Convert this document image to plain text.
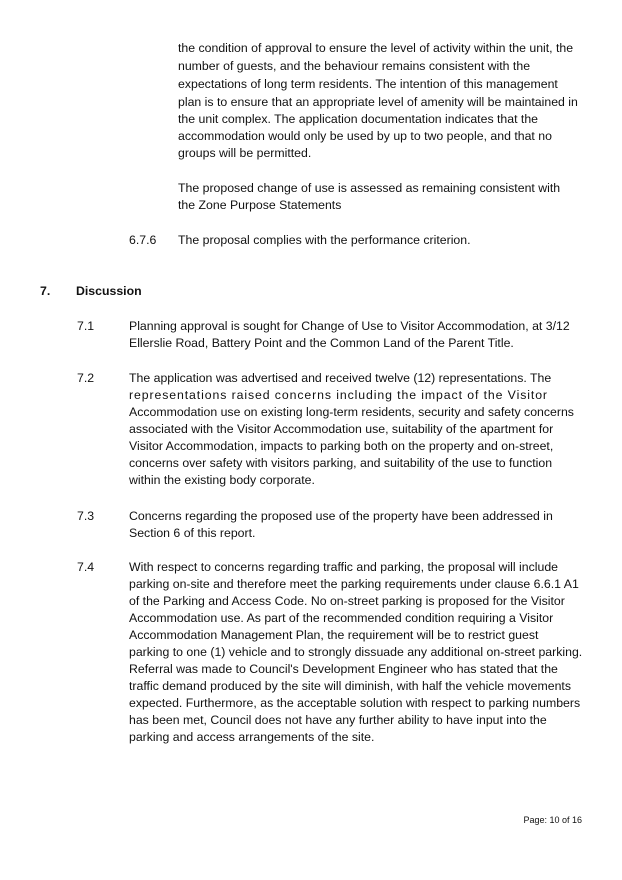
the condition of approval to ensure the level of activity within the unit, the
number of guests, and the behaviour remains consistent with the
expectations of long term residents. The intention of this management
plan is to ensure that an appropriate level of amenity will be maintained in
the unit complex. The application documentation indicates that the
accommodation would only be used by up to two people, and that no
groups will be permitted.
The proposed change of use is assessed as remaining consistent with
the Zone Purpose Statements
6.7.6 The proposal complies with the performance criterion.
7. Discussion
7.1	Planning approval is sought for Change of Use to Visitor Accommodation, at 3/12
Ellerslie Road, Battery Point and the Common Land of the Parent Title.
7.2	The application was advertised and received twelve (12) representations. The
representations raised concerns including the impact of the Visitor
Accommodation use on existing long-term residents, security and safety concerns
associated with the Visitor Accommodation use, suitability of the apartment for
Visitor Accommodation, impacts to parking both on the property and on-street,
concerns over safety with visitors parking, and suitability of the use to function
within the existing body corporate.
7.3	Concerns regarding the proposed use of the property have been addressed in
Section 6 of this report.
7.4	With respect to concerns regarding traffic and parking, the proposal will include
parking on-site and therefore meet the parking requirements under clause 6.6.1 A1
of the Parking and Access Code. No on-street parking is proposed for the Visitor
Accommodation use. As part of the recommended condition requiring a Visitor
Accommodation Management Plan, the requirement will be to restrict guest
parking to one (1) vehicle and to strongly dissuade any additional on-street parking.
Referral was made to Council's Development Engineer who has stated that the
traffic demand produced by the site will diminish, with half the vehicle movements
expected. Furthermore, as the acceptable solution with respect to parking numbers
has been met, Council does not have any further ability to have input into the
parking and access arrangements of the site.
Page: 10 of 16
